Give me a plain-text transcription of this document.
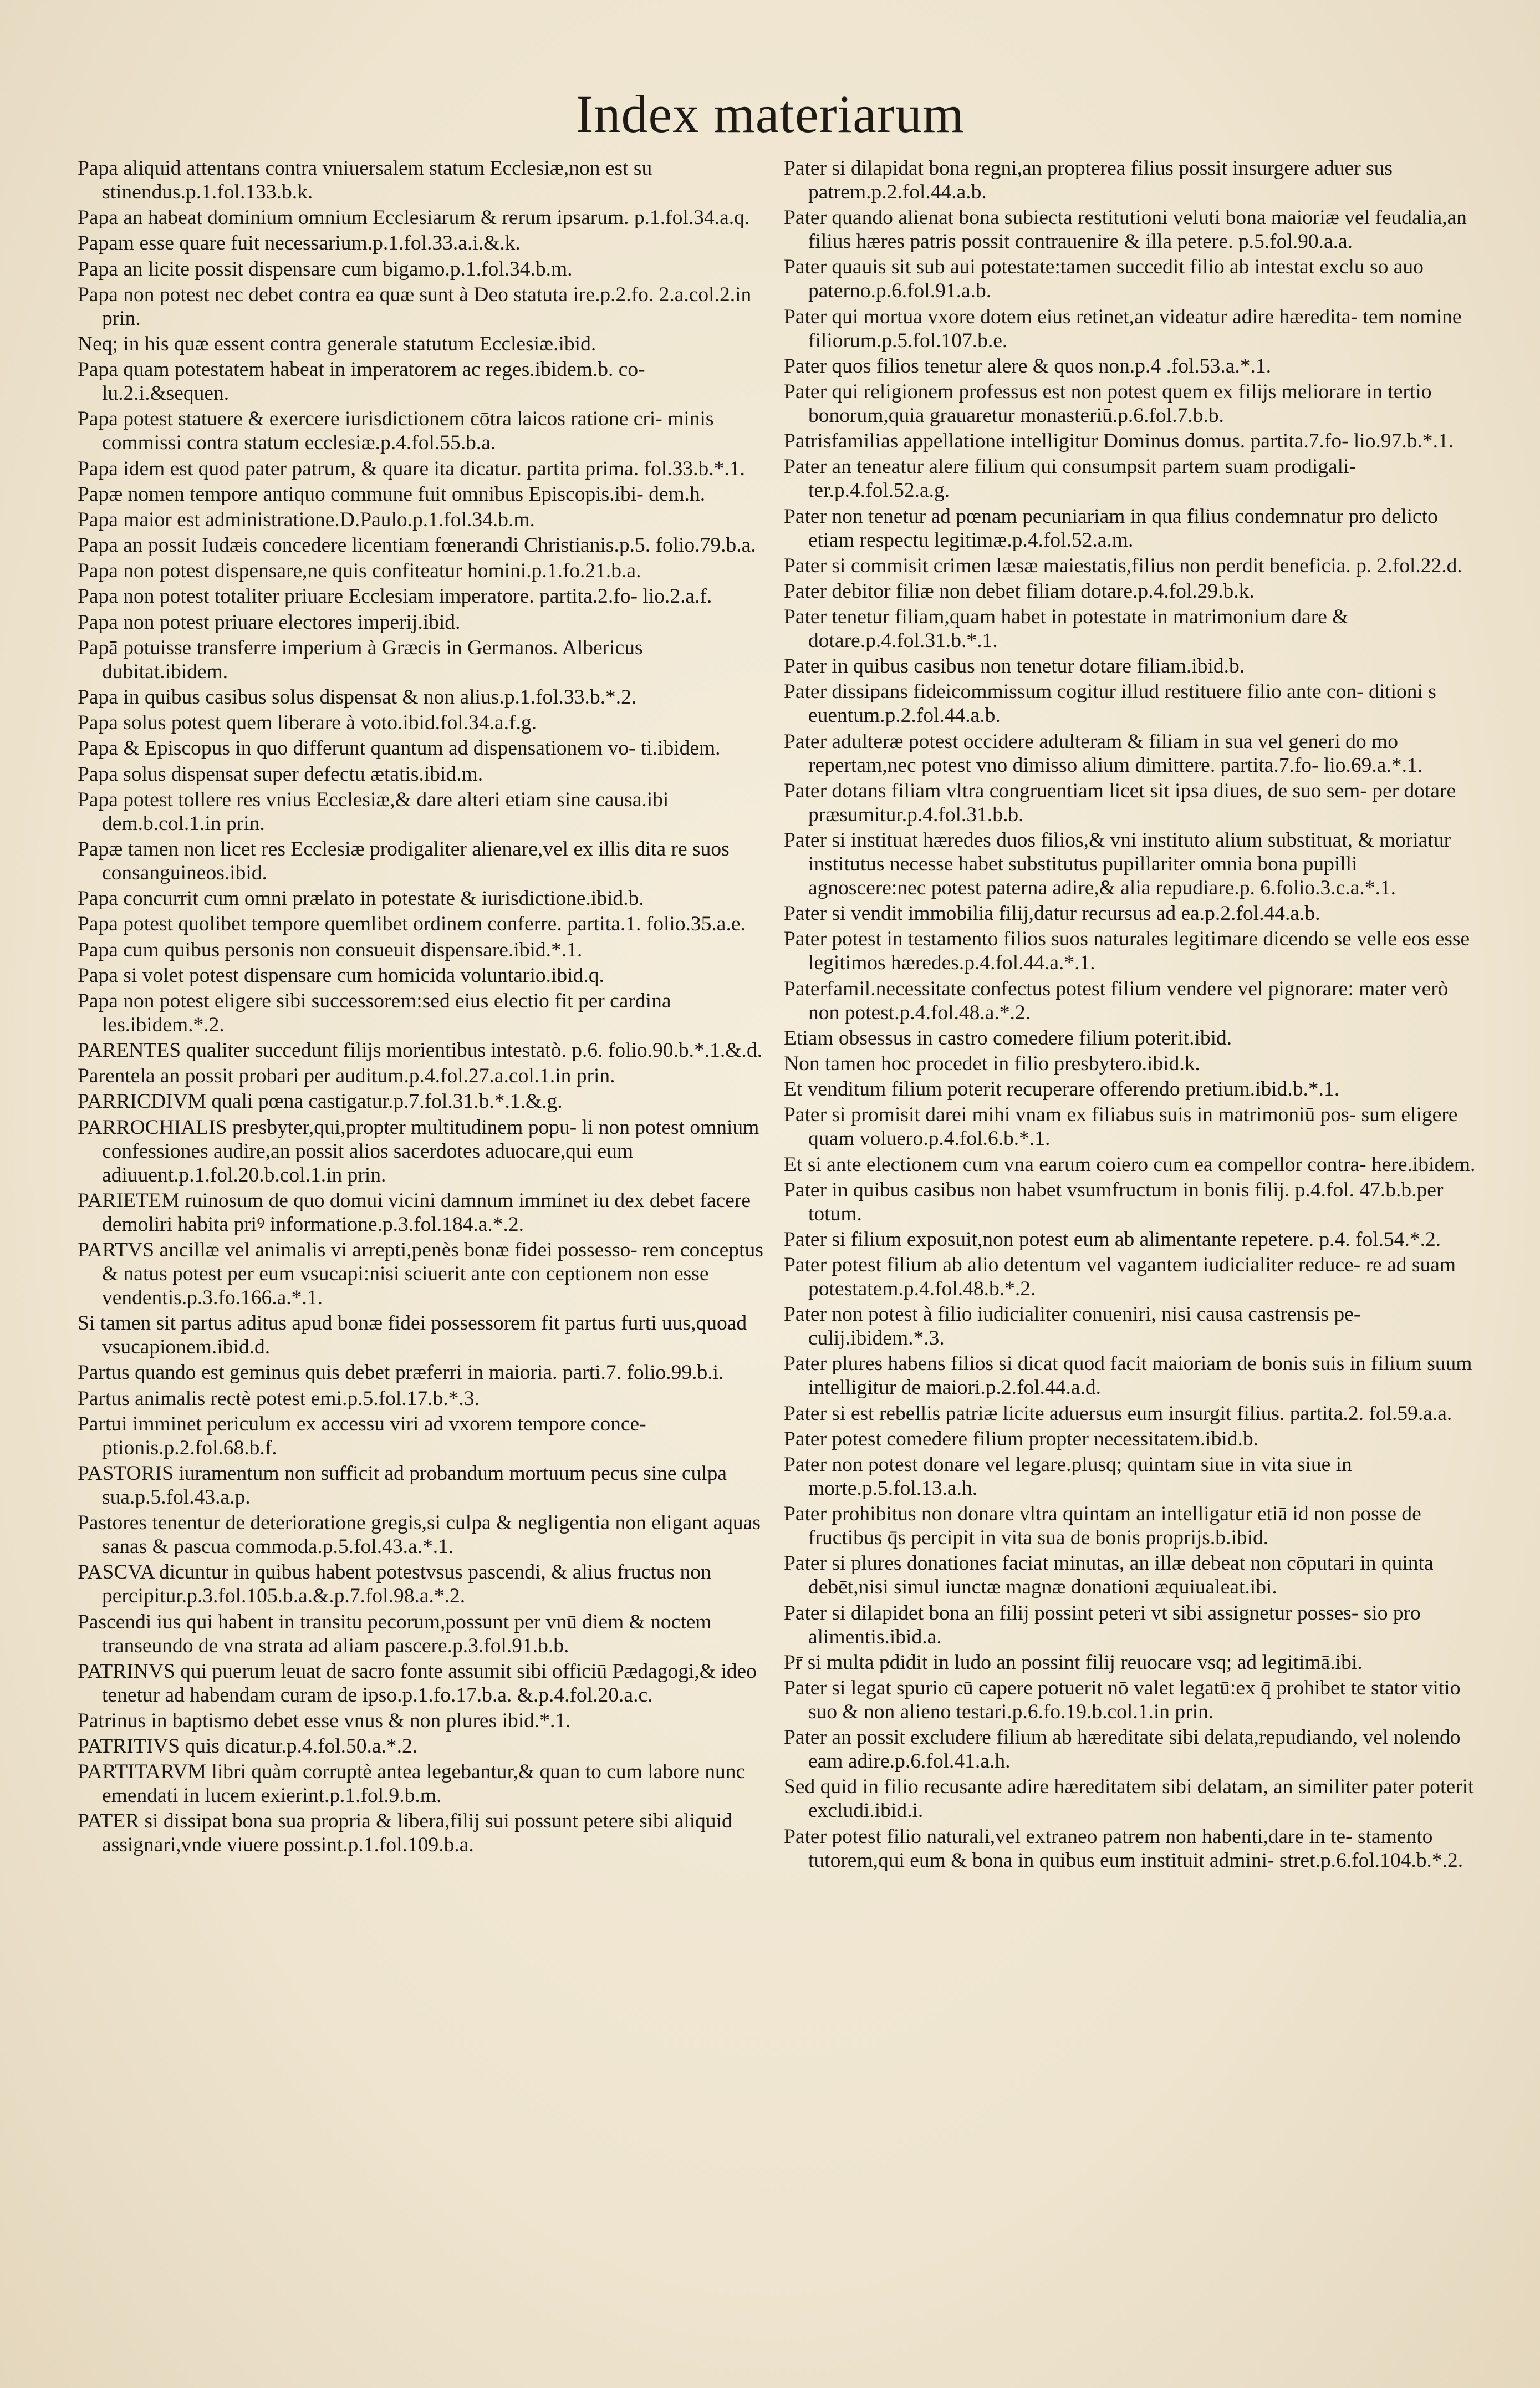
Index materiarum

Papa aliquid attentans contra vniuersalem statum Ecclesiæ,non est su stinendus.p.1.fol.133.b.k.

Papa an habeat dominium omnium Ecclesiarum & rerum ipsarum. p.1.fol.34.a.q.

Papam esse quare fuit necessarium.p.1.fol.33.a.i.&.k.

Papa an licite possit dispensare cum bigamo.p.1.fol.34.b.m.

Papa non potest nec debet contra ea quæ sunt à Deo statuta ire.p.2.fo. 2.a.col.2.in prin.

Neq; in his quæ essent contra generale statutum Ecclesiæ.ibid.

Papa quam potestatem habeat in imperatorem ac reges.ibidem.b. co- lu.2.i.&sequen.

Papa potest statuere & exercere iurisdictionem cōtra laicos ratione cri- minis commissi contra statum ecclesiæ.p.4.fol.55.b.a.

Papa idem est quod pater patrum, & quare ita dicatur. partita prima. fol.33.b.*.1.

Papæ nomen tempore antiquo commune fuit omnibus Episcopis.ibi- dem.h.

Papa maior est administratione.D.Paulo.p.1.fol.34.b.m.

Papa an possit Iudæis concedere licentiam fœnerandi Christianis.p.5. folio.79.b.a.

Papa non potest dispensare,ne quis confiteatur homini.p.1.fo.21.b.a.

Papa non potest totaliter priuare Ecclesiam imperatore. partita.2.fo- lio.2.a.f.

Papa non potest priuare electores imperij.ibid.

Papā potuisse transferre imperium à Græcis in Germanos. Albericus dubitat.ibidem.

Papa in quibus casibus solus dispensat & non alius.p.1.fol.33.b.*.2.

Papa solus potest quem liberare à voto.ibid.fol.34.a.f.g.

Papa & Episcopus in quo differunt quantum ad dispensationem vo- ti.ibidem.

Papa solus dispensat super defectu ætatis.ibid.m.

Papa potest tollere res vnius Ecclesiæ,& dare alteri etiam sine causa.ibi dem.b.col.1.in prin.

Papæ tamen non licet res Ecclesiæ prodigaliter alienare,vel ex illis dita re suos consanguineos.ibid.

Papa concurrit cum omni prælato in potestate & iurisdictione.ibid.b.

Papa potest quolibet tempore quemlibet ordinem conferre. partita.1. folio.35.a.e.

Papa cum quibus personis non consueuit dispensare.ibid.*.1.

Papa si volet potest dispensare cum homicida voluntario.ibid.q.

Papa non potest eligere sibi successorem:sed eius electio fit per cardina les.ibidem.*.2.

PARENTES qualiter succedunt filijs morientibus intestatò. p.6. folio.90.b.*.1.&.d.

Parentela an possit probari per auditum.p.4.fol.27.a.col.1.in prin.

PARRICDIVM quali pœna castigatur.p.7.fol.31.b.*.1.&.g.

PARROCHIALIS presbyter,qui,propter multitudinem popu- li non potest omnium confessiones audire,an possit alios sacerdotes aduocare,qui eum adiuuent.p.1.fol.20.b.col.1.in prin.

PARIETEM ruinosum de quo domui vicini damnum imminet iu dex debet facere demoliri habita priꝰ informatione.p.3.fol.184.a.*.2.

PARTVS ancillæ vel animalis vi arrepti,penès bonæ fidei possesso- rem conceptus & natus potest per eum vsucapi:nisi sciuerit ante con ceptionem non esse vendentis.p.3.fo.166.a.*.1.

Si tamen sit partus aditus apud bonæ fidei possessorem fit partus furti uus,quoad vsucapionem.ibid.d.

Partus quando est geminus quis debet præferri in maioria. parti.7. folio.99.b.i.

Partus animalis rectè potest emi.p.5.fol.17.b.*.3.

Partui imminet periculum ex accessu viri ad vxorem tempore conce- ptionis.p.2.fol.68.b.f.

PASTORIS iuramentum non sufficit ad probandum mortuum pecus sine culpa sua.p.5.fol.43.a.p.

Pastores tenentur de deterioratione gregis,si culpa & negligentia non eligant aquas sanas & pascua commoda.p.5.fol.43.a.*.1.

PASCVA dicuntur in quibus habent potestvsus pascendi, & alius fructus non percipitur.p.3.fol.105.b.a.&.p.7.fol.98.a.*.2.

Pascendi ius qui habent in transitu pecorum,possunt per vnū diem & noctem transeundo de vna strata ad aliam pascere.p.3.fol.91.b.b.

PATRINVS qui puerum leuat de sacro fonte assumit sibi officiū Pædagogi,& ideo tenetur ad habendam curam de ipso.p.1.fo.17.b.a. &.p.4.fol.20.a.c.

Patrinus in baptismo debet esse vnus & non plures ibid.*.1.

PATRITIVS quis dicatur.p.4.fol.50.a.*.2.

PARTITARVM libri quàm corruptè antea legebantur,& quan to cum labore nunc emendati in lucem exierint.p.1.fol.9.b.m.

PATER si dissipat bona sua propria & libera,filij sui possunt petere sibi aliquid assignari,vnde viuere possint.p.1.fol.109.b.a.

Pater si dilapidat bona regni,an propterea filius possit insurgere aduer sus patrem.p.2.fol.44.a.b.

Pater quando alienat bona subiecta restitutioni veluti bona maioriæ vel feudalia,an filius hæres patris possit contrauenire & illa petere. p.5.fol.90.a.a.

Pater quauis sit sub aui potestate:tamen succedit filio ab intestat exclu so auo paterno.p.6.fol.91.a.b.

Pater qui mortua vxore dotem eius retinet,an videatur adire hæredita- tem nomine filiorum.p.5.fol.107.b.e.

Pater quos filios tenetur alere & quos non.p.4 .fol.53.a.*.1.

Pater qui religionem professus est non potest quem ex filijs meliorare in tertio bonorum,quia grauaretur monasteriū.p.6.fol.7.b.b.

Patrisfamilias appellatione intelligitur Dominus domus. partita.7.fo- lio.97.b.*.1.

Pater an teneatur alere filium qui consumpsit partem suam prodigali- ter.p.4.fol.52.a.g.

Pater non tenetur ad pœnam pecuniariam in qua filius condemnatur pro delicto etiam respectu legitimæ.p.4.fol.52.a.m.

Pater si commisit crimen læsæ maiestatis,filius non perdit beneficia. p. 2.fol.22.d.

Pater debitor filiæ non debet filiam dotare.p.4.fol.29.b.k.

Pater tenetur filiam,quam habet in potestate in matrimonium dare & dotare.p.4.fol.31.b.*.1.

Pater in quibus casibus non tenetur dotare filiam.ibid.b.

Pater dissipans fideicommissum cogitur illud restituere filio ante con- ditioni s euentum.p.2.fol.44.a.b.

Pater adulteræ potest occidere adulteram & filiam in sua vel generi do mo repertam,nec potest vno dimisso alium dimittere. partita.7.fo- lio.69.a.*.1.

Pater dotans filiam vltra congruentiam licet sit ipsa diues, de suo sem- per dotare præsumitur.p.4.fol.31.b.b.

Pater si instituat hæredes duos filios,& vni instituto alium substituat, & moriatur institutus necesse habet substitutus pupillariter omnia bona pupilli agnoscere:nec potest paterna adire,& alia repudiare.p. 6.folio.3.c.a.*.1.

Pater si vendit immobilia filij,datur recursus ad ea.p.2.fol.44.a.b.

Pater potest in testamento filios suos naturales legitimare dicendo se velle eos esse legitimos hæredes.p.4.fol.44.a.*.1.

Paterfamil.necessitate confectus potest filium vendere vel pignorare: mater verò non potest.p.4.fol.48.a.*.2.

Etiam obsessus in castro comedere filium poterit.ibid.

Non tamen hoc procedet in filio presbytero.ibid.k.

Et venditum filium poterit recuperare offerendo pretium.ibid.b.*.1.

Pater si promisit darei mihi vnam ex filiabus suis in matrimoniū pos- sum eligere quam voluero.p.4.fol.6.b.*.1.

Et si ante electionem cum vna earum coiero cum ea compellor contra- here.ibidem.

Pater in quibus casibus non habet vsumfructum in bonis filij. p.4.fol. 47.b.b.per totum.

Pater si filium exposuit,non potest eum ab alimentante repetere. p.4. fol.54.*.2.

Pater potest filium ab alio detentum vel vagantem iudicialiter reduce- re ad suam potestatem.p.4.fol.48.b.*.2.

Pater non potest à filio iudicialiter conueniri, nisi causa castrensis pe- culij.ibidem.*.3.

Pater plures habens filios si dicat quod facit maioriam de bonis suis in filium suum intelligitur de maiori.p.2.fol.44.a.d.

Pater si est rebellis patriæ licite aduersus eum insurgit filius. partita.2. fol.59.a.a.

Pater potest comedere filium propter necessitatem.ibid.b.

Pater non potest donare vel legare.plusq; quintam siue in vita siue in morte.p.5.fol.13.a.h.

Pater prohibitus non donare vltra quintam an intelligatur etiā id non posse de fructibus q̄s percipit in vita sua de bonis proprijs.b.ibid.

Pater si plures donationes faciat minutas, an illæ debeat non cōputari in quinta debēt,nisi simul iunctæ magnæ donationi æquiualeat.ibi.

Pater si dilapidet bona an filij possint peteri vt sibi assignetur posses- sio pro alimentis.ibid.a.

Pr̄ si multa pdidit in ludo an possint filij reuocare vsq; ad legitimā.ibi.

Pater si legat spurio cū capere potuerit nō valet legatū:ex q̄ prohibet te stator vitio suo & non alieno testari.p.6.fo.19.b.col.1.in prin.

Pater an possit excludere filium ab hæreditate sibi delata,repudiando, vel nolendo eam adire.p.6.fol.41.a.h.

Sed quid in filio recusante adire hæreditatem sibi delatam, an similiter pater poterit excludi.ibid.i.

Pater potest filio naturali,vel extraneo patrem non habenti,dare in te- stamento tutorem,qui eum & bona in quibus eum instituit admini- stret.p.6.fol.104.b.*.2.
